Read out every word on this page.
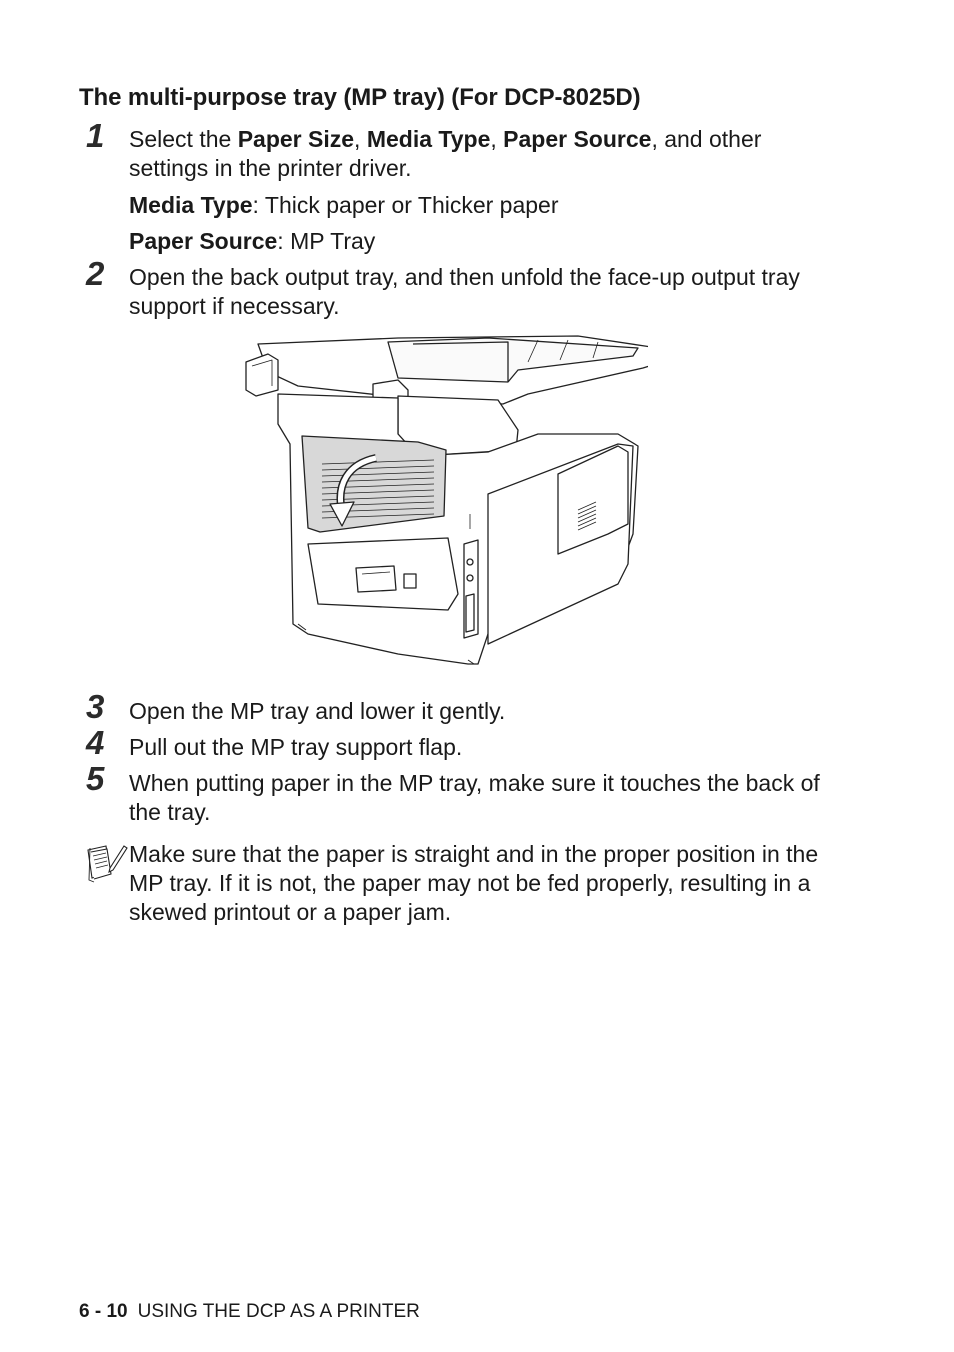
The multi-purpose tray (MP tray) (For DCP-8025D)
1 Select the Paper Size, Media Type, Paper Source, and other settings in the printer driver.

Media Type: Thick paper or Thicker paper

Paper Source: MP Tray

2 Open the back output tray, and then unfold the face-up output tray support if necessary.

3 Open the MP tray and lower it gently.

4 Pull out the MP tray support flap.

5 When putting paper in the MP tray, make sure it touches the back of the tray.

Make sure that the paper is straight and in the proper position in the MP tray. If it is not, the paper may not be fed properly, resulting in a skewed printout or a paper jam.

6 - 10 USING THE DCP AS A PRINTER
